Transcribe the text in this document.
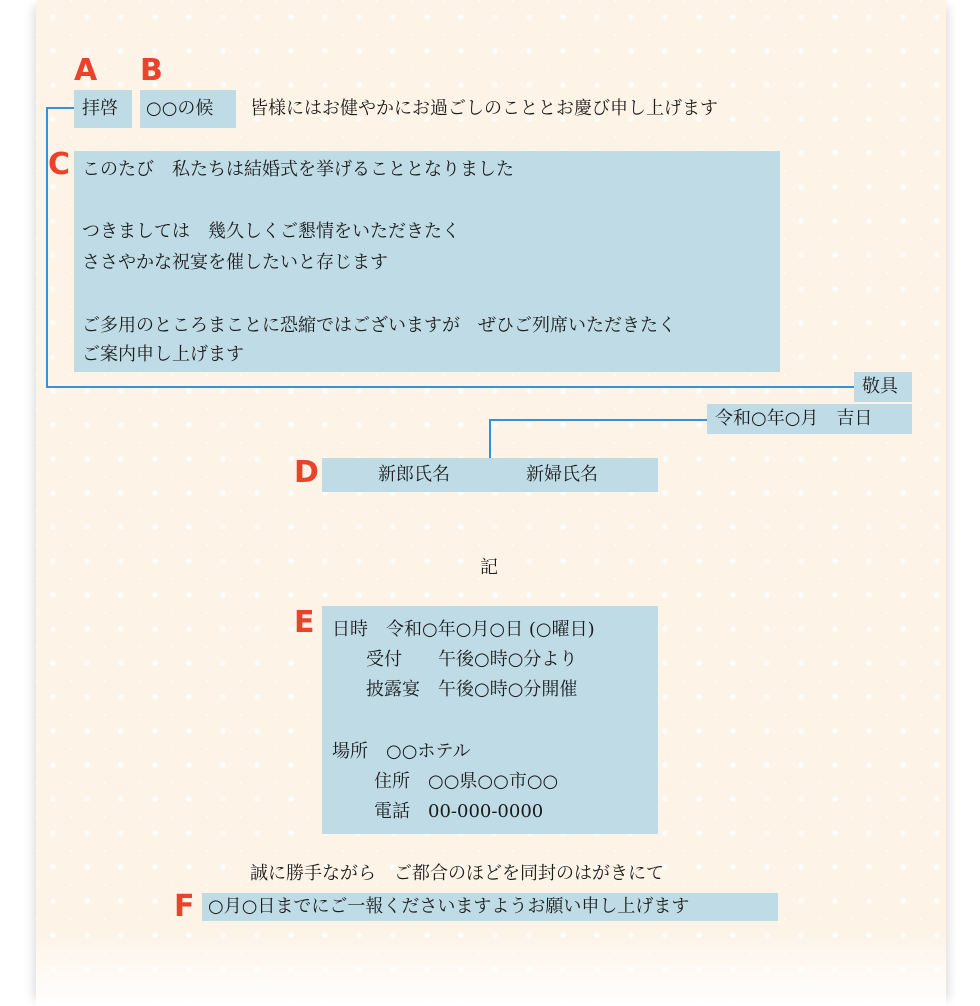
A B
C
D
E
F
拝啓 ○○の候 皆様にはお健やかにお過ごしのこととお慶び申し上げます
このたび　私たちは結婚式を挙げることとなりました
つきましては　幾久しくご懇情をいただきたく
ささやかな祝宴を催したいと存じます
ご多用のところまことに恐縮ではございますが　ぜひご列席いただきたく
ご案内申し上げます
敬具
令和○年○月　吉日
新郎氏名	新婦氏名
記
日時　令和○年○月○日 (○曜日)
受付　　午後○時○分より
披露宴　午後○時○分開催
場所　○○ホテル
住所　○○県○○市○○
電話　00-000-0000
誠に勝手ながら　ご都合のほどを同封のはがきにて
○月○日までにご一報くださいますようお願い申し上げます
